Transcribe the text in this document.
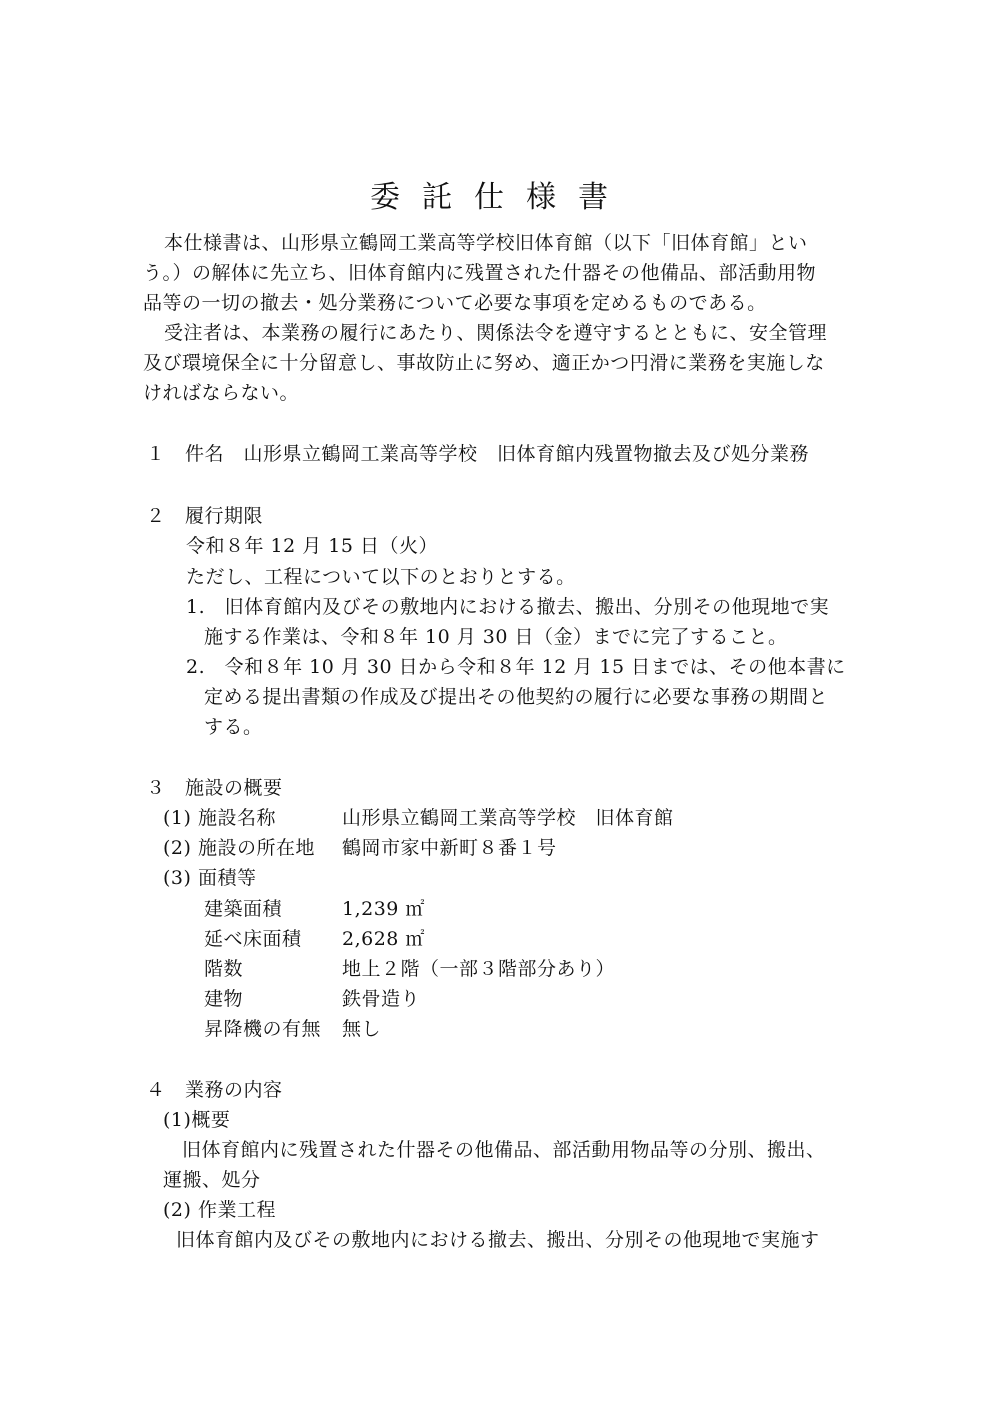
委託仕様書
本仕様書は、山形県立鶴岡工業高等学校旧体育館（以下「旧体育館」とい
う。）の解体に先立ち、旧体育館内に残置された什器その他備品、部活動用物
品等の一切の撤去・処分業務について必要な事項を定めるものである。
受注者は、本業務の履行にあたり、関係法令を遵守するとともに、安全管理
及び環境保全に十分留意し、事故防止に努め、適正かつ円滑に業務を実施しな
ければならない。
１　件名　山形県立鶴岡工業高等学校　旧体育館内残置物撤去及び処分業務
２　履行期限
令和８年 12 月 15 日（火）
ただし、工程について以下のとおりとする。
1.　旧体育館内及びその敷地内における撤去、搬出、分別その他現地で実
施する作業は、令和８年 10 月 30 日（金）までに完了すること。
2.　令和８年 10 月 30 日から令和８年 12 月 15 日までは、その他本書に
定める提出書類の作成及び提出その他契約の履行に必要な事務の期間と
する。
３　施設の概要
(1) 施設名称	山形県立鶴岡工業高等学校　旧体育館
(2) 施設の所在地 鶴岡市家中新町８番１号
(3) 面積等
建築面積	1,239 ㎡
延べ床面積 2,628 ㎡
階数	地上２階（一部３階部分あり）
建物	鉄骨造り
昇降機の有無 無し
４　業務の内容
(1)概要
旧体育館内に残置された什器その他備品、部活動用物品等の分別、搬出、
運搬、処分
(2) 作業工程
旧体育館内及びその敷地内における撤去、搬出、分別その他現地で実施す
